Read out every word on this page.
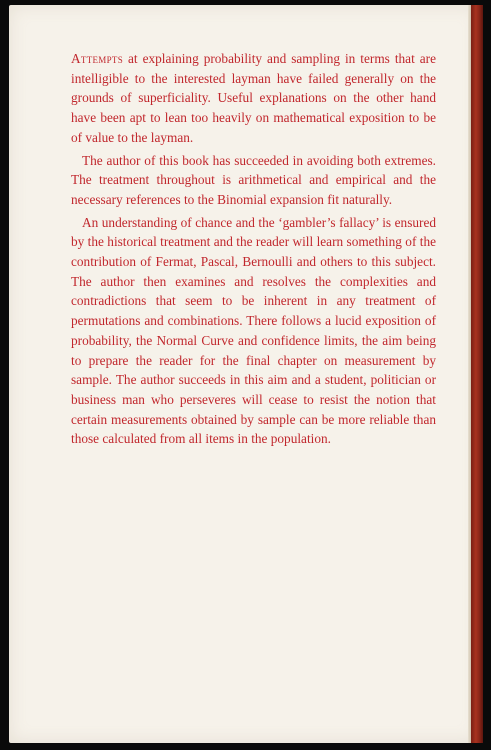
Attempts at explaining probability and sampling in terms that are intelligible to the interested layman have failed generally on the grounds of superficiality. Useful explanations on the other hand have been apt to lean too heavily on mathematical exposition to be of value to the layman.

The author of this book has succeeded in avoiding both extremes. The treatment throughout is arithmetical and empirical and the necessary references to the Binomial expansion fit naturally.

An understanding of chance and the ‘gambler’s fallacy’ is ensured by the historical treatment and the reader will learn something of the contribution of Fermat, Pascal, Bernoulli and others to this subject. The author then examines and resolves the complexities and contradictions that seem to be inherent in any treatment of permutations and combinations. There follows a lucid exposition of probability, the Normal Curve and confidence limits, the aim being to prepare the reader for the final chapter on measurement by sample. The author succeeds in this aim and a student, politician or business man who perseveres will cease to resist the notion that certain measurements obtained by sample can be more reliable than those calculated from all items in the population.
